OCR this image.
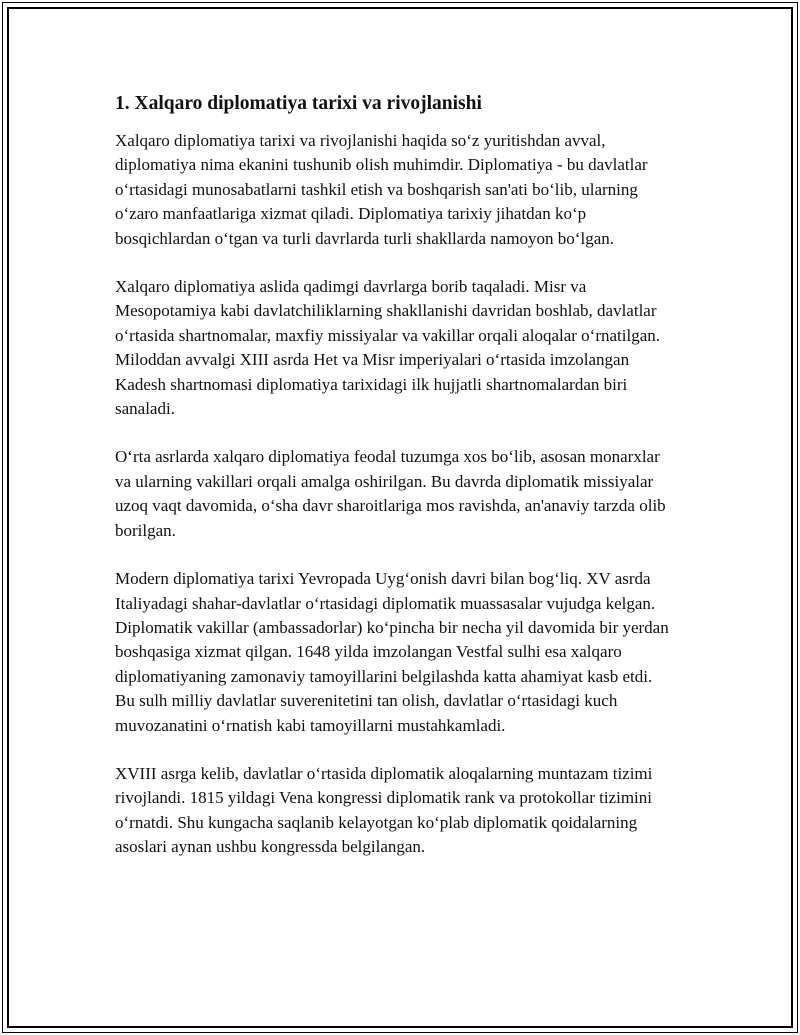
1. Xalqaro diplomatiya tarixi va rivojlanishi

Xalqaro diplomatiya tarixi va rivojlanishi haqida so‘z yuritishdan avval, diplomatiya nima ekanini tushunib olish muhimdir. Diplomatiya - bu davlatlar o‘rtasidagi munosabatlarni tashkil etish va boshqarish san'ati bo‘lib, ularning o‘zaro manfaatlariga xizmat qiladi. Diplomatiya tarixiy jihatdan ko‘p bosqichlardan o‘tgan va turli davrlarda turli shakllarda namoyon bo‘lgan.

Xalqaro diplomatiya aslida qadimgi davrlarga borib taqaladi. Misr va Mesopotamiya kabi davlatchiliklarning shakllanishi davridan boshlab, davlatlar o‘rtasida shartnomalar, maxfiy missiyalar va vakillar orqali aloqalar o‘rnatilgan. Miloddan avvalgi XIII asrda Het va Misr imperiyalari o‘rtasida imzolangan Kadesh shartnomasi diplomatiya tarixidagi ilk hujjatli shartnomalardan biri sanaladi.

O‘rta asrlarda xalqaro diplomatiya feodal tuzumga xos bo‘lib, asosan monarxlar va ularning vakillari orqali amalga oshirilgan. Bu davrda diplomatik missiyalar uzoq vaqt davomida, o‘sha davr sharoitlariga mos ravishda, an'anaviy tarzda olib borilgan.

Modern diplomatiya tarixi Yevropada Uyg‘onish davri bilan bog‘liq. XV asrda Italiyadagi shahar-davlatlar o‘rtasidagi diplomatik muassasalar vujudga kelgan. Diplomatik vakillar (ambassadorlar) ko‘pincha bir necha yil davomida bir yerdan boshqasiga xizmat qilgan. 1648 yilda imzolangan Vestfal sulhi esa xalqaro diplomatiyaning zamonaviy tamoyillarini belgilashda katta ahamiyat kasb etdi. Bu sulh milliy davlatlar suverenitetini tan olish, davlatlar o‘rtasidagi kuch muvozanatini o‘rnatish kabi tamoyillarni mustahkamladi.

XVIII asrga kelib, davlatlar o‘rtasida diplomatik aloqalarning muntazam tizimi rivojlandi. 1815 yildagi Vena kongressi diplomatik rank va protokollar tizimini o‘rnatdi. Shu kungacha saqlanib kelayotgan ko‘plab diplomatik qoidalarning asoslari aynan ushbu kongressda belgilangan.
